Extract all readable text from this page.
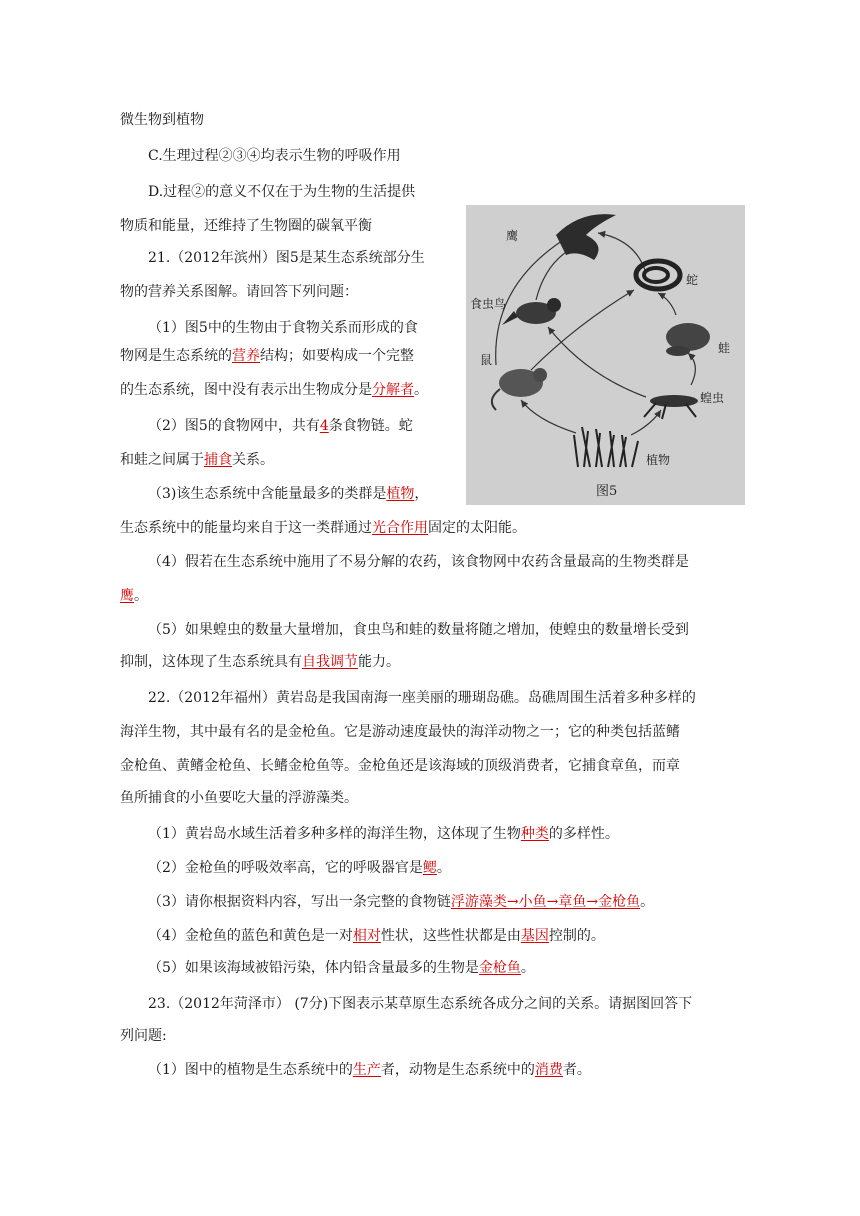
微生物到植物
C.生理过程②③④均表示生物的呼吸作用
D.过程②的意义不仅在于为生物的生活提供
物质和能量，还维持了生物圈的碳氧平衡
21.（2012年滨州）图5是某生态系统部分生
物的营养关系图解。请回答下列问题：
（1）图5中的生物由于食物关系而形成的食
物网是生态系统的营养结构；如要构成一个完整
的生态系统，图中没有表示出生物成分是分解者。
（2）图5的食物网中，共有4条食物链。蛇
和蛙之间属于捕食关系。
（3)该生态系统中含能量最多的类群是植物，
生态系统中的能量均来自于这一类群通过光合作用固定的太阳能。
（4）假若在生态系统中施用了不易分解的农药，该食物网中农药含量最高的生物类群是
鹰。
（5）如果蝗虫的数量大量增加，食虫鸟和蛙的数量将随之增加，使蝗虫的数量增长受到
抑制，这体现了生态系统具有自我调节能力。
22.（2012年福州）黄岩岛是我国南海一座美丽的珊瑚岛礁。岛礁周围生活着多种多样的
海洋生物，其中最有名的是金枪鱼。它是游动速度最快的海洋动物之一；它的种类包括蓝鳍
金枪鱼、黄鳍金枪鱼、长鳍金枪鱼等。金枪鱼还是该海域的顶级消费者，它捕食章鱼，而章
鱼所捕食的小鱼要吃大量的浮游藻类。
（1）黄岩岛水域生活着多种多样的海洋生物，这体现了生物种类的多样性。
（2）金枪鱼的呼吸效率高，它的呼吸器官是鳃。
（3）请你根据资料内容，写出一条完整的食物链浮游藻类→小鱼→章鱼→金枪鱼。
（4）金枪鱼的蓝色和黄色是一对相对性状，这些性状都是由基因控制的。
（5）如果该海域被铅污染，体内铅含量最多的生物是金枪鱼。
23.（2012年菏泽市） (7分)下图表示某草原生态系统各成分之间的关系。请据图回答下
列问题:
（1）图中的植物是生态系统中的生产者，动物是生态系统中的消费者。
鹰
蛇
食虫鸟
蛙
鼠
蝗虫
植物
图5
